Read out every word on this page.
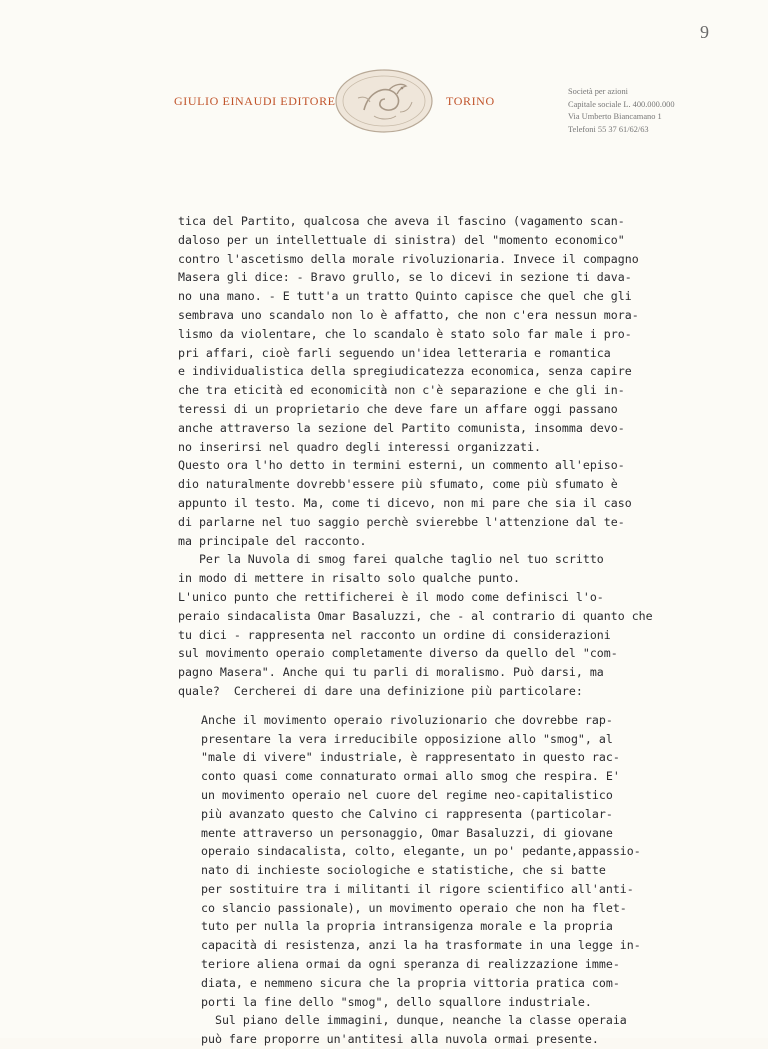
9
GIULIO EINAUDI EDITORE	TORINO
Società per azioni
Capitale sociale L. 400.000.000
Via Umberto Biancamano 1
Telefoni 55 37 61/62/63
tica del Partito, qualcosa che aveva il fascino (vagamento scan-
daloso per un intellettuale di sinistra) del "momento economico"
contro l'ascetismo della morale rivoluzionaria. Invece il compagno
Masera gli dice: - Bravo grullo, se lo dicevi in sezione ti dava-
no una mano. - E tutt'a un tratto Quinto capisce che quel che gli
sembrava uno scandalo non lo è affatto, che non c'era nessun mora-
lismo da violentare, che lo scandalo è stato solo far male i pro-
pri affari, cioè farli seguendo un'idea letteraria e romantica
e individualistica della spregiudicatezza economica, senza capire
che tra eticità ed economicità non c'è separazione e che gli in-
teressi di un proprietario che deve fare un affare oggi passano
anche attraverso la sezione del Partito comunista, insomma devo-
no inserirsi nel quadro degli interessi organizzati.
Questo ora l'ho detto in termini esterni, un commento all'episo-
dio naturalmente dovrebb'essere più sfumato, come più sfumato è
appunto il testo. Ma, come ti dicevo, non mi pare che sia il caso
di parlarne nel tuo saggio perchè svierebbe l'attenzione dal te-
ma principale del racconto.
Per la Nuvola di smog farei qualche taglio nel tuo scritto
in modo di mettere in risalto solo qualche punto.
L'unico punto che rettificherei è il modo come definisci l'o-
peraio sindacalista Omar Basaluzzi, che - al contrario di quanto che
tu dici - rappresenta nel racconto un ordine di considerazioni
sul movimento operaio completamente diverso da quello del "com-
pagno Masera". Anche qui tu parli di moralismo. Può darsi, ma
quale?  Cercherei di dare una definizione più particolare:
Anche il movimento operaio rivoluzionario che dovrebbe rap-
presentare la vera irreducibile opposizione allo "smog", al
"male di vivere" industriale, è rappresentato in questo rac-
conto quasi come connaturato ormai allo smog che respira. E'
un movimento operaio nel cuore del regime neo-capitalistico
più avanzato questo che Calvino ci rappresenta (particolar-
mente attraverso un personaggio, Omar Basaluzzi, di giovane
operaio sindacalista, colto, elegante, un po' pedante,appassio-
nato di inchieste sociologiche e statistiche, che si batte
per sostituire tra i militanti il rigore scientifico all'anti-
co slancio passionale), un movimento operaio che non ha flet-
tuto per nulla la propria intransigenza morale e la propria
capacità di resistenza, anzi la ha trasformate in una legge in-
teriore aliena ormai da ogni speranza di realizzazione imme-
diata, e nemmeno sicura che la propria vittoria pratica com-
porti la fine dello "smog", dello squallore industriale.
Sul piano delle immagini, dunque, neanche la classe operaia
può fare proporre un'antitesi alla nuvola ormai presente.
